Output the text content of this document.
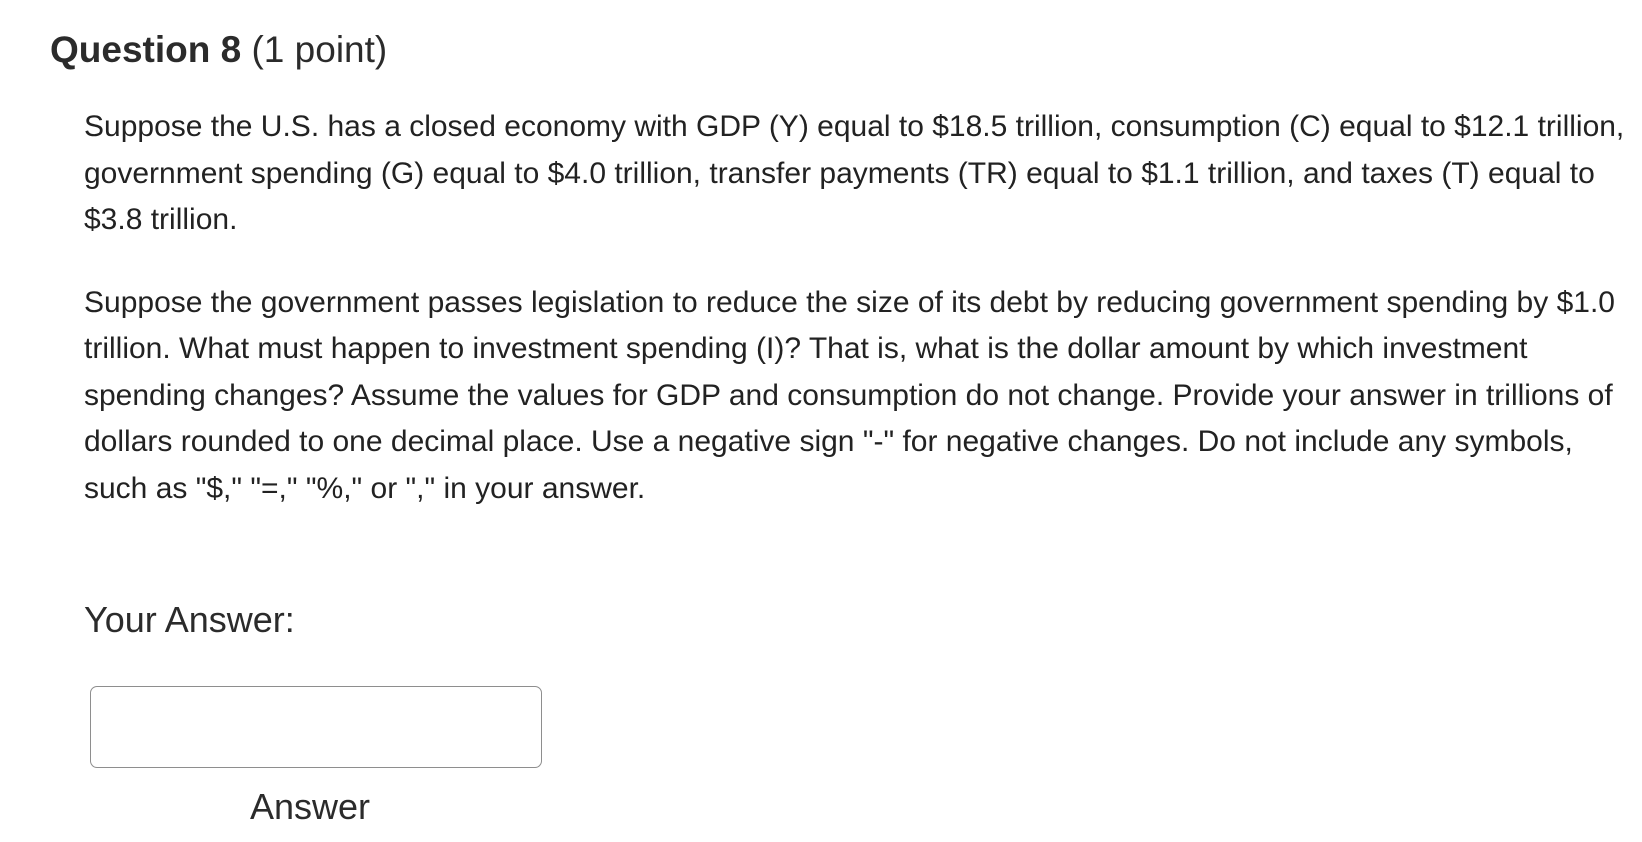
Question 8 (1 point)

Suppose the U.S. has a closed economy with GDP (Y) equal to $18.5 trillion, consumption (C) equal to $12.1 trillion, government spending (G) equal to $4.0 trillion, transfer payments (TR) equal to $1.1 trillion, and taxes (T) equal to $3.8 trillion.

Suppose the government passes legislation to reduce the size of its debt by reducing government spending by $1.0 trillion. What must happen to investment spending (I)? That is, what is the dollar amount by which investment spending changes? Assume the values for GDP and consumption do not change. Provide your answer in trillions of dollars rounded to one decimal place. Use a negative sign "-" for negative changes. Do not include any symbols, such as "$," "=," "%," or "," in your answer.

Your Answer:
Answer
